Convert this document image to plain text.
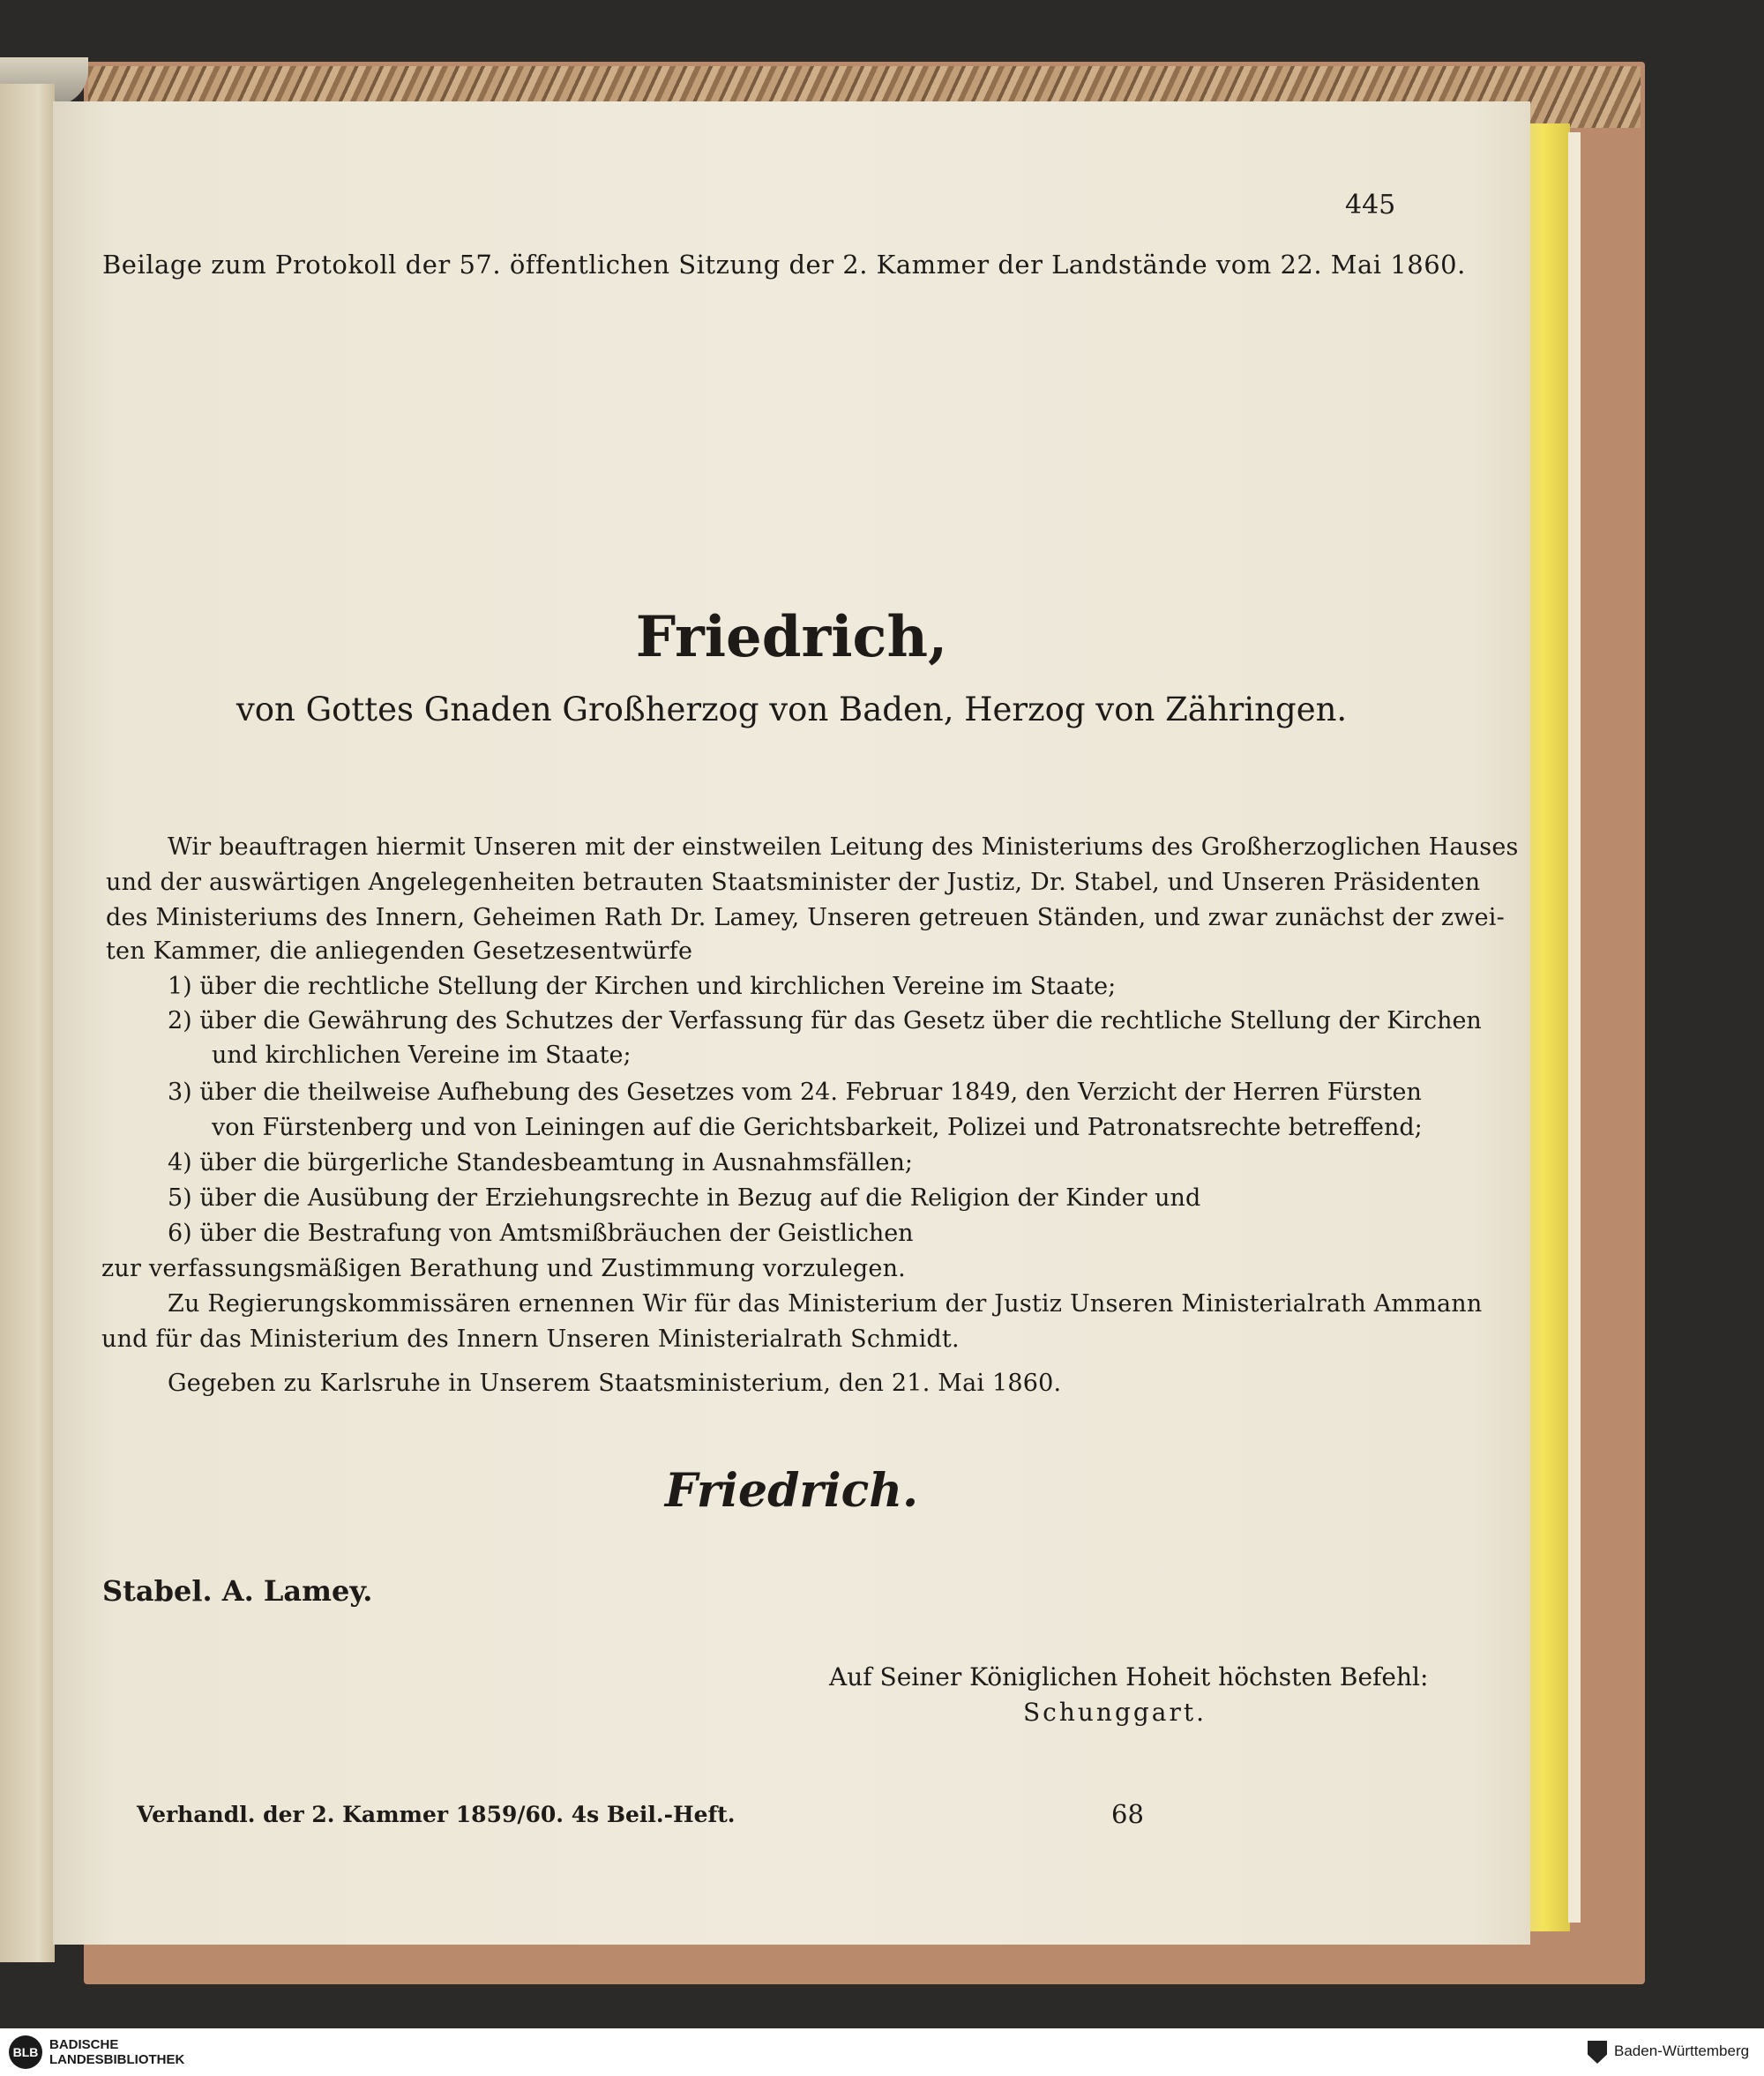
445
Beilage zum Protokoll der 57. öffentlichen Sitzung der 2. Kammer der Landstände vom 22. Mai 1860.
Friedrich,
von Gottes Gnaden Großherzog von Baden, Herzog von Zähringen.
Wir beauftragen hiermit Unseren mit der einstweilen Leitung des Ministeriums des Großherzoglichen Hauses
und der auswärtigen Angelegenheiten betrauten Staatsminister der Justiz, Dr. Stabel, und Unseren Präsidenten
des Ministeriums des Innern, Geheimen Rath Dr. Lamey, Unseren getreuen Ständen, und zwar zunächst der zwei-
ten Kammer, die anliegenden Gesetzesentwürfe
1) über die rechtliche Stellung der Kirchen und kirchlichen Vereine im Staate;
2) über die Gewährung des Schutzes der Verfassung für das Gesetz über die rechtliche Stellung der Kirchen
und kirchlichen Vereine im Staate;
3) über die theilweise Aufhebung des Gesetzes vom 24. Februar 1849, den Verzicht der Herren Fürsten
von Fürstenberg und von Leiningen auf die Gerichtsbarkeit, Polizei und Patronatsrechte betreffend;
4) über die bürgerliche Standesbeamtung in Ausnahmsfällen;
5) über die Ausübung der Erziehungsrechte in Bezug auf die Religion der Kinder und
6) über die Bestrafung von Amtsmißbräuchen der Geistlichen
zur verfassungsmäßigen Berathung und Zustimmung vorzulegen.
Zu Regierungskommissären ernennen Wir für das Ministerium der Justiz Unseren Ministerialrath Ammann
und für das Ministerium des Innern Unseren Ministerialrath Schmidt.
Gegeben zu Karlsruhe in Unserem Staatsministerium, den 21. Mai 1860.
Friedrich.
Stabel. A. Lamey.
Auf Seiner Königlichen Hoheit höchsten Befehl:
Schunggart.
Verhandl. der 2. Kammer 1859/60. 4s Beil.-Heft.	68
BLB BADISCHE
LANDESBIBLIOTHEK
Baden-Württemberg
